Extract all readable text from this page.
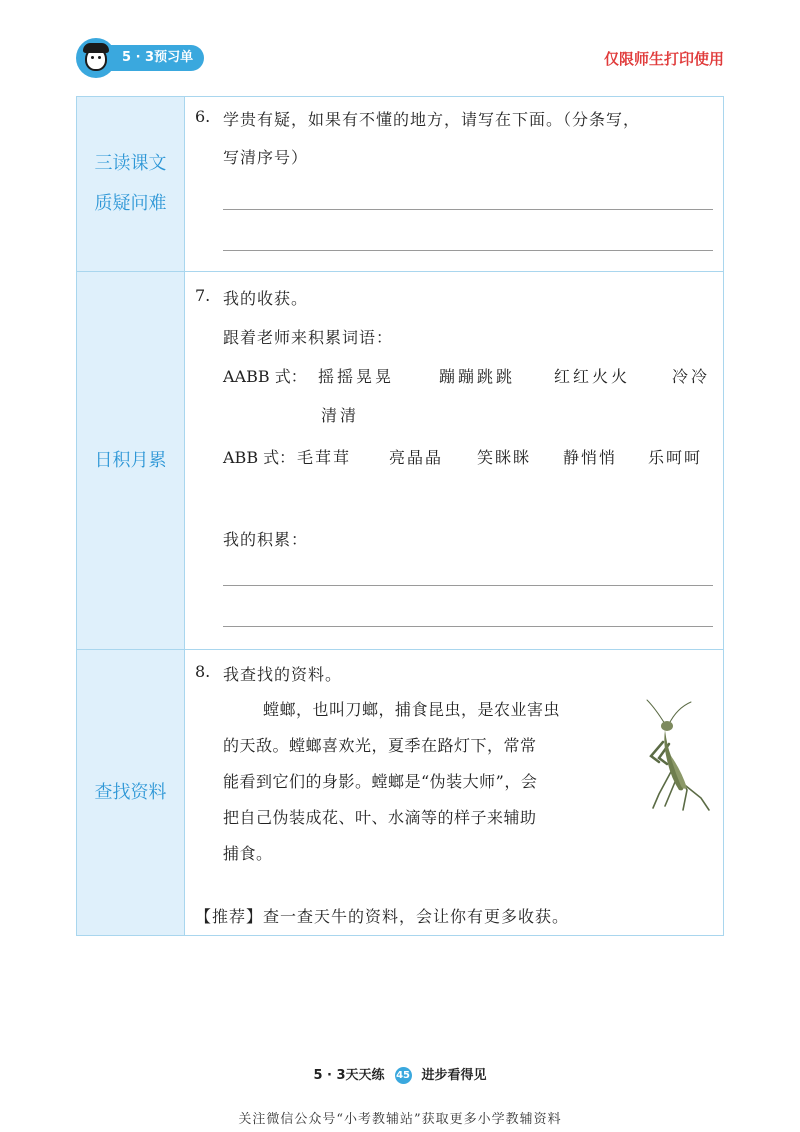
5 · 3预习单	仅限师生打印使用
三读课文
质疑问难
6. 学贵有疑，如果有不懂的地方，请写在下面。（分条写，
写清序号）
日积月累
7. 我的收获。
跟着老师来积累词语：
AABB 式： 摇摇晃晃	蹦蹦跳跳 红红火火	冷冷
清清
ABB 式： 毛茸茸 亮晶晶 笑眯眯 静悄悄 乐呵呵
我的积累：
查找资料
8. 我查找的资料。
螳螂，也叫刀螂，捕食昆虫，是农业害虫
的天敌。螳螂喜欢光，夏季在路灯下，常常
能看到它们的身影。螳螂是“伪装大师”，会
把自己伪装成花、叶、水滴等的样子来辅助
捕食。
【推荐】查一查天牛的资料，会让你有更多收获。
5 · 3天天练 45 进步看得见
关注微信公众号“小考教辅站”获取更多小学教辅资料
